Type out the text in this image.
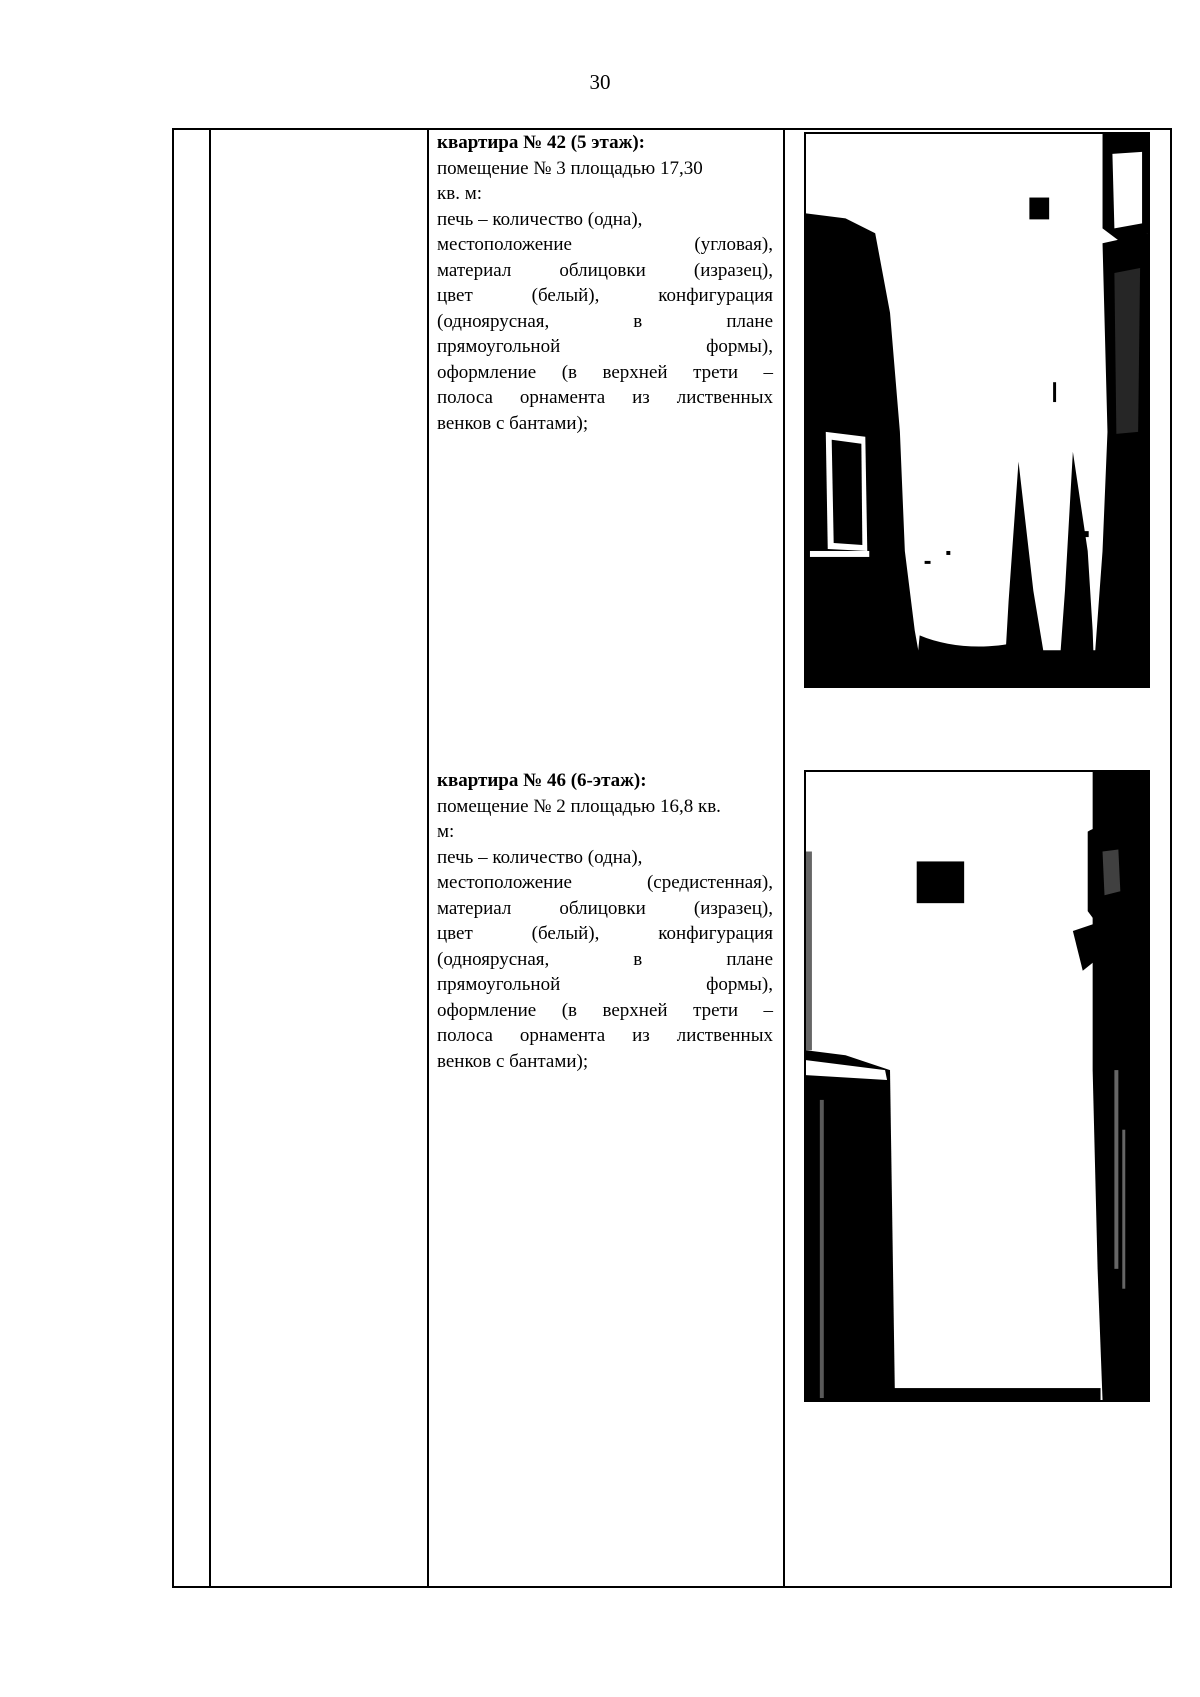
30
квартира № 42 (5 этаж):
помещение № 3 площадью 17,30
кв. м:
печь – количество (одна),
местоположение (угловая),
материал облицовки (изразец),
цвет (белый), конфигурация
(одноярусная, в плане
прямоугольной формы),
оформление (в верхней трети –
полоса орнамента из лиственных
венков с бантами);
квартира № 46 (6-этаж):
помещение № 2 площадью 16,8 кв.
м:
печь – количество (одна),
местоположение (средистенная),
материал облицовки (изразец),
цвет (белый), конфигурация
(одноярусная, в плане
прямоугольной формы),
оформление (в верхней трети –
полоса орнамента из лиственных
венков с бантами);
